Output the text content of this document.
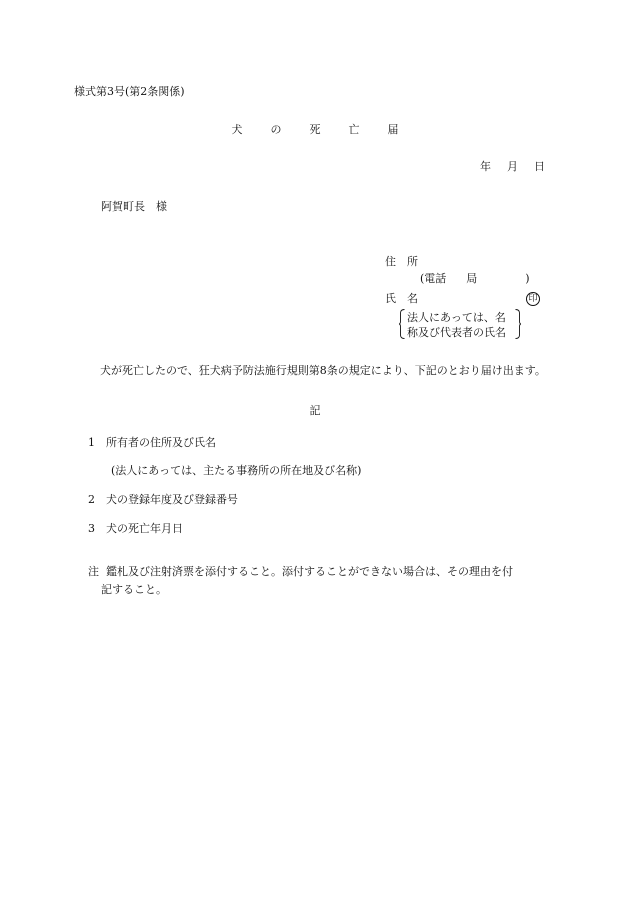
様式第3号(第2条関係)
犬	の	死	亡	届
年 月 日
阿賀町長　様
住　所
(電話 局	)
氏　名	印
法人にあっては、名
称及び代表者の氏名
犬が死亡したので、狂犬病予防法施行規則第8条の規定により、下記のとおり届け出ます。
記
1 所有者の住所及び氏名
(法人にあっては、主たる事務所の所在地及び名称)
2 犬の登録年度及び登録番号
3 犬の死亡年月日
注 鑑札及び注射済票を添付すること。添付することができない場合は、その理由を付
記すること。
